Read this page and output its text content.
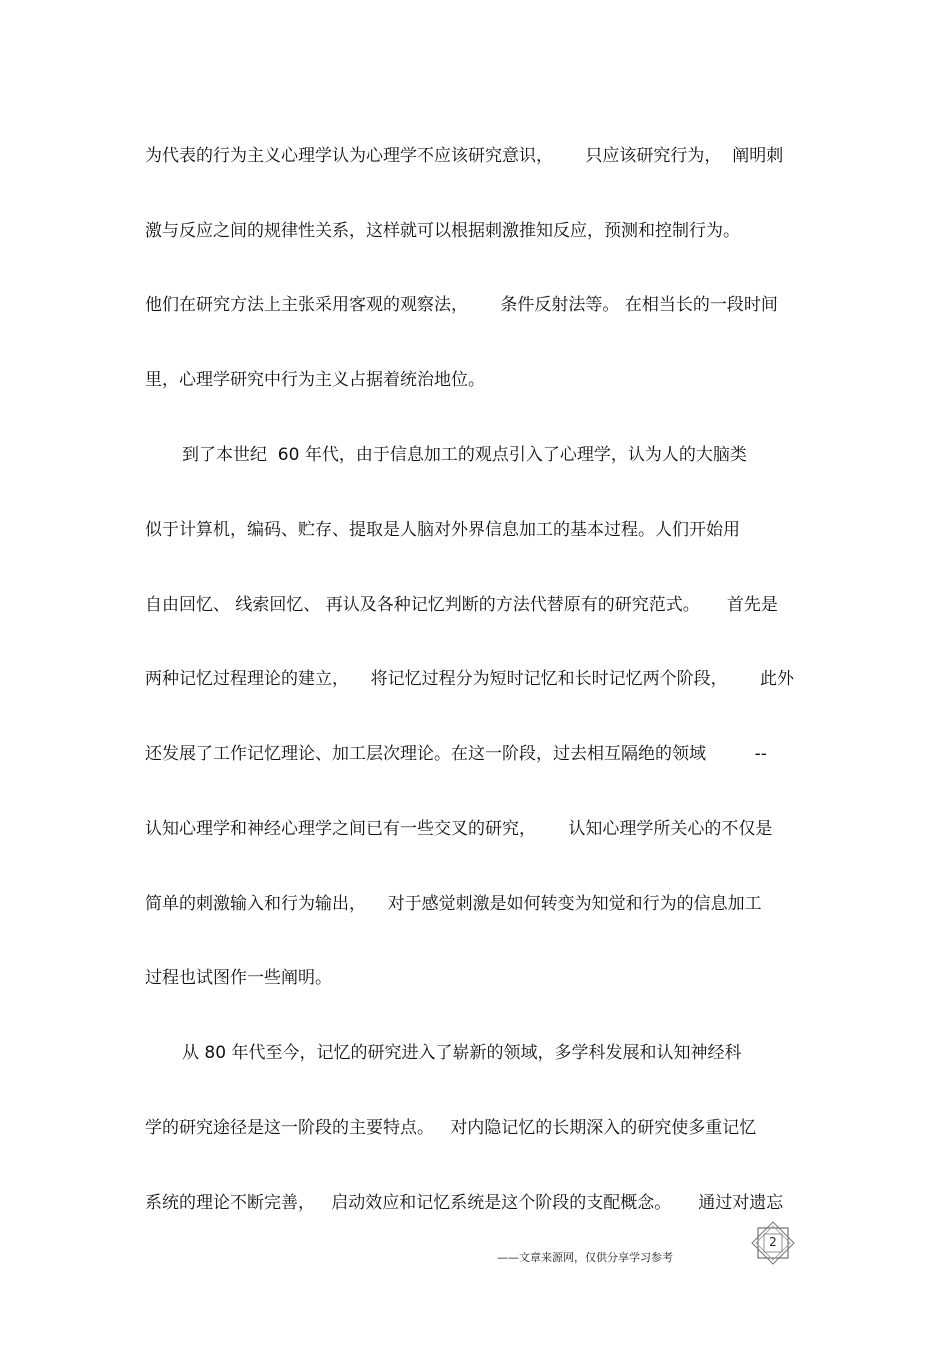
为代表的行为主义心理学认为心理学不应该研究意识，      只应该研究行为，  阐明刺
激与反应之间的规律性关系，这样就可以根据刺激推知反应，预测和控制行为。
他们在研究方法上主张采用客观的观察法，      条件反射法等。 在相当长的一段时间
里，心理学研究中行为主义占据着统治地位。
到了本世纪  60 年代，由于信息加工的观点引入了心理学，认为人的大脑类
似于计算机，编码、贮存、提取是人脑对外界信息加工的基本过程。人们开始用
自由回忆、 线索回忆、 再认及各种记忆判断的方法代替原有的研究范式。     首先是
两种记忆过程理论的建立，    将记忆过程分为短时记忆和长时记忆两个阶段，      此外
还发展了工作记忆理论、加工层次理论。在这一阶段，过去相互隔绝的领域         --
认知心理学和神经心理学之间已有一些交叉的研究，      认知心理学所关心的不仅是
简单的刺激输入和行为输出，    对于感觉刺激是如何转变为知觉和行为的信息加工
过程也试图作一些阐明。
从 80 年代至今，记忆的研究进入了崭新的领域，多学科发展和认知神经科
学的研究途径是这一阶段的主要特点。   对内隐记忆的长期深入的研究使多重记忆
系统的理论不断完善，   启动效应和记忆系统是这个阶段的支配概念。     通过对遗忘
——文章来源网，仅供分享学习参考
2
